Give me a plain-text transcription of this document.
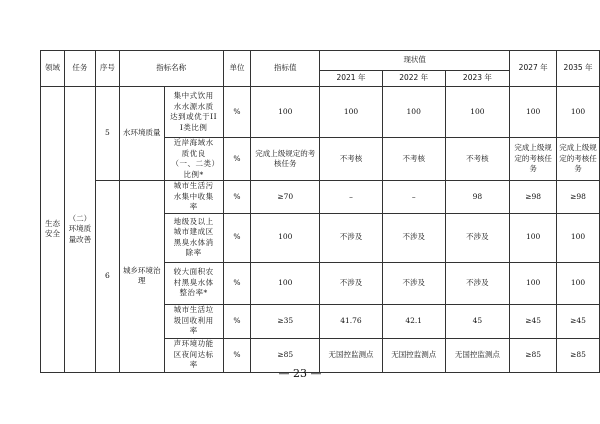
领域	任务	序号	指标名称		单位	指标值	现状值			2027 年	2035 年
							2021 年	2022 年	2023 年		
生态安全	（二）环境质量改善	5	水环境质量	集中式饮用水水源水质达到或优于III类比例	%	100	100	100	100	100	100
				近岸海域水质优良（一、二类）比例*	%	完成上级规定的考核任务	不考核	不考核	不考核	完成上级规定的考核任务	完成上级规定的考核任务
		6	城乡环境治理	城市生活污水集中收集率	%	≥70	–	–	98	≥98	≥98
				地级及以上城市建成区黑臭水体消除率	%	100	不涉及	不涉及	不涉及	100	100
				较大面积农村黑臭水体整治率*	%	100	不涉及	不涉及	不涉及	100	100
				城市生活垃圾回收利用率	%	≥35	41.76	42.1	45	≥45	≥45
				声环境功能区夜间达标率	%	≥85	无国控监测点	无国控监测点	无国控监测点	≥85	≥85
— 23 —
